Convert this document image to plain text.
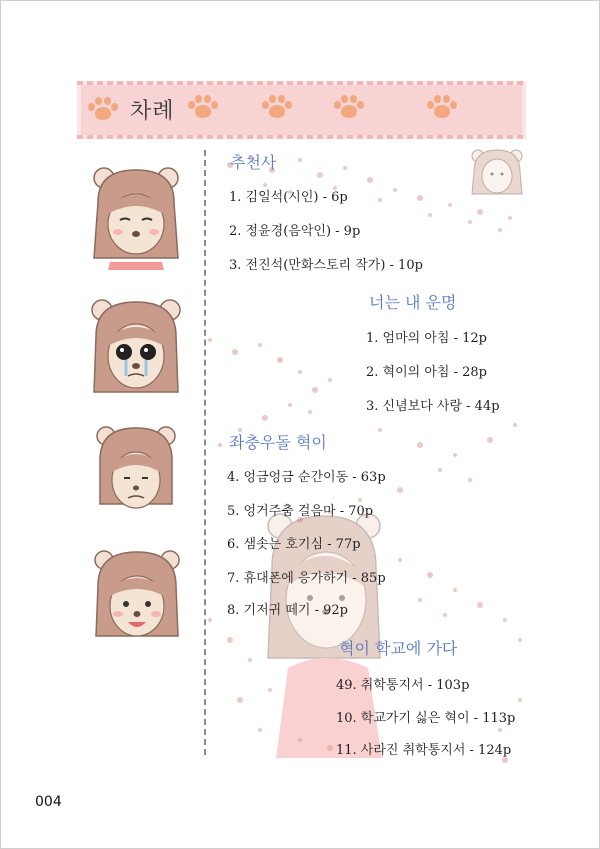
차례
추천사
1. 김일석(시인) - 6p
2. 정윤경(음악인) - 9p
3. 전진석(만화스토리 작가) - 10p
너는 내 운명
1. 엄마의 아침 - 12p
2. 혁이의 아침 - 28p
3. 신념보다 사랑 - 44p
좌충우돌 혁이
4. 엉금엉금 순간이동 - 63p
5. 엉거주춤 걸음마 - 70p
6. 샘솟는 호기심 - 77p
7. 휴대폰에 응가하기 - 85p
8. 기저귀 떼기 - 92p
혁이 학교에 가다
49. 취학통지서 - 103p
10. 학교가기 싫은 혁이 - 113p
11. 사라진 취학통지서 - 124p
004
